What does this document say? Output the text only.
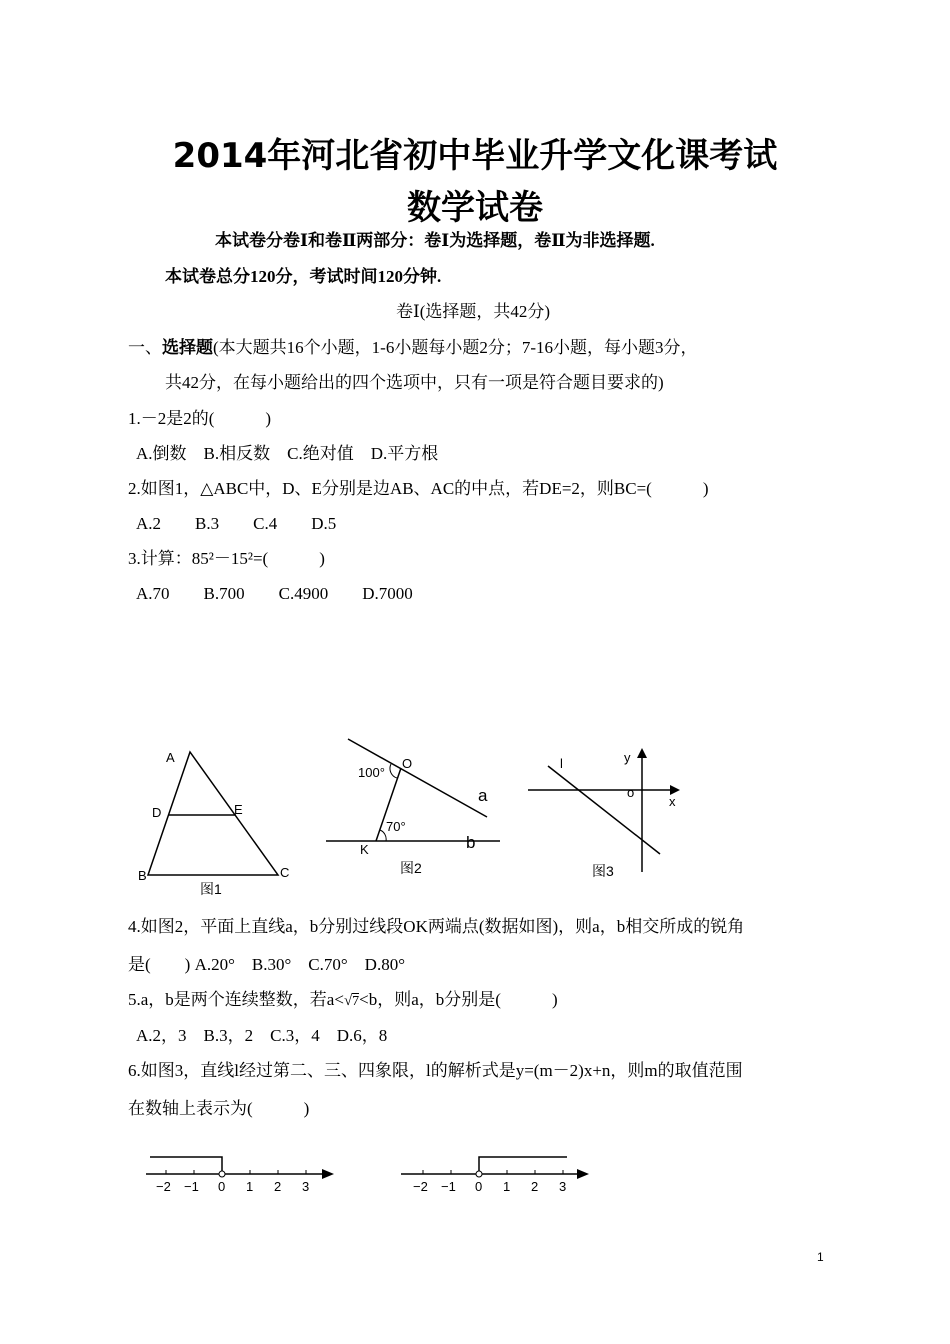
2014年河北省初中毕业升学文化课考试
数学试卷
本试卷分卷Ⅰ和卷Ⅱ两部分：卷Ⅰ为选择题，卷Ⅱ为非选择题.
本试卷总分120分，考试时间120分钟.
卷Ⅰ(选择题，共42分)
一、选择题(本大题共16个小题，1-6小题每小题2分；7-16小题，每小题3分，
共42分，在每小题给出的四个选项中，只有一项是符合题目要求的)
1.－2是2的(　　　)
A.倒数　B.相反数　C.绝对值　D.平方根
2.如图1，△ABC中，D、E分别是边AB、AC的中点，若DE=2，则BC=(　　　)
A.2　　B.3　　C.4　　D.5
3.计算：85²－15²=(　　　)
A.70　　B.700　　C.4900　　D.7000
A
B	C
D	E
图1
O
K
a
b
100°
70°
图2
l	y
x
o
图3
4.如图2，平面上直线a，b分别过线段OK两端点(数据如图)，则a，b相交所成的锐角
是(　　) A.20°　B.30°　C.70°　D.80°
5.a，b是两个连续整数，若a<√7<b，则a，b分别是(　　　)
A.2，3　B.3，2　C.3，4　D.6，8
6.如图3，直线l经过第二、三、四象限，l的解析式是y=(m－2)x+n，则m的取值范围
在数轴上表示为(　　　)
−2 −1 0 1 2 3	−2 −1 0 1 2 3
1
